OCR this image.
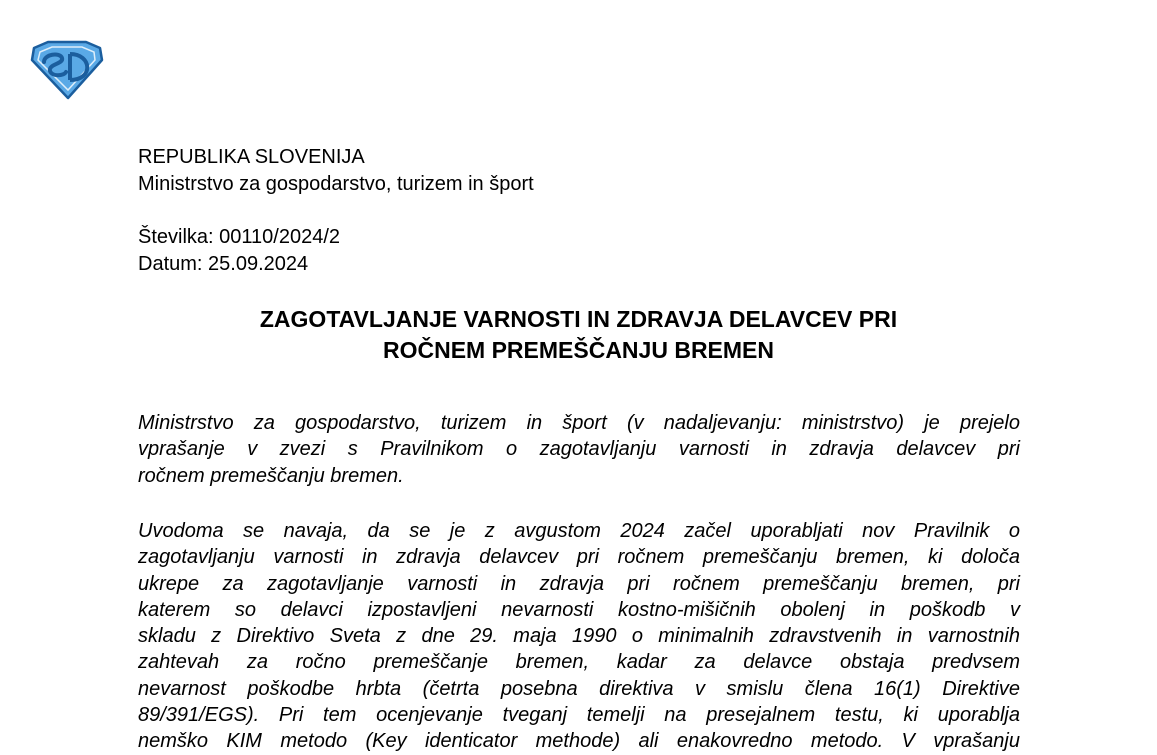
REPUBLIKA SLOVENIJA
Ministrstvo za gospodarstvo, turizem in šport
Številka: 00110/2024/2
Datum: 25.09.2024
ZAGOTAVLJANJE VARNOSTI IN ZDRAVJA DELAVCEV PRI
ROČNEM PREMEŠČANJU BREMEN
Ministrstvo za gospodarstvo, turizem in šport (v nadaljevanju: ministrstvo) je prejelo
vprašanje v zvezi s Pravilnikom o zagotavljanju varnosti in zdravja delavcev pri
ročnem premeščanju bremen.
Uvodoma se navaja, da se je z avgustom 2024 začel uporabljati nov Pravilnik o
zagotavljanju varnosti in zdravja delavcev pri ročnem premeščanju bremen, ki določa
ukrepe za zagotavljanje varnosti in zdravja pri ročnem premeščanju bremen, pri
katerem so delavci izpostavljeni nevarnosti kostno-mišičnih obolenj in poškodb v
skladu z Direktivo Sveta z dne 29. maja 1990 o minimalnih zdravstvenih in varnostnih
zahtevah za ročno premeščanje bremen, kadar za delavce obstaja predvsem
nevarnost poškodbe hrbta (četrta posebna direktiva v smislu člena 16(1) Direktive
89/391/EGS). Pri tem ocenjevanje tveganj temelji na presejalnem testu, ki uporablja
nemško KIM metodo (Key identicator methode) ali enakovredno metodo. V vprašanju
